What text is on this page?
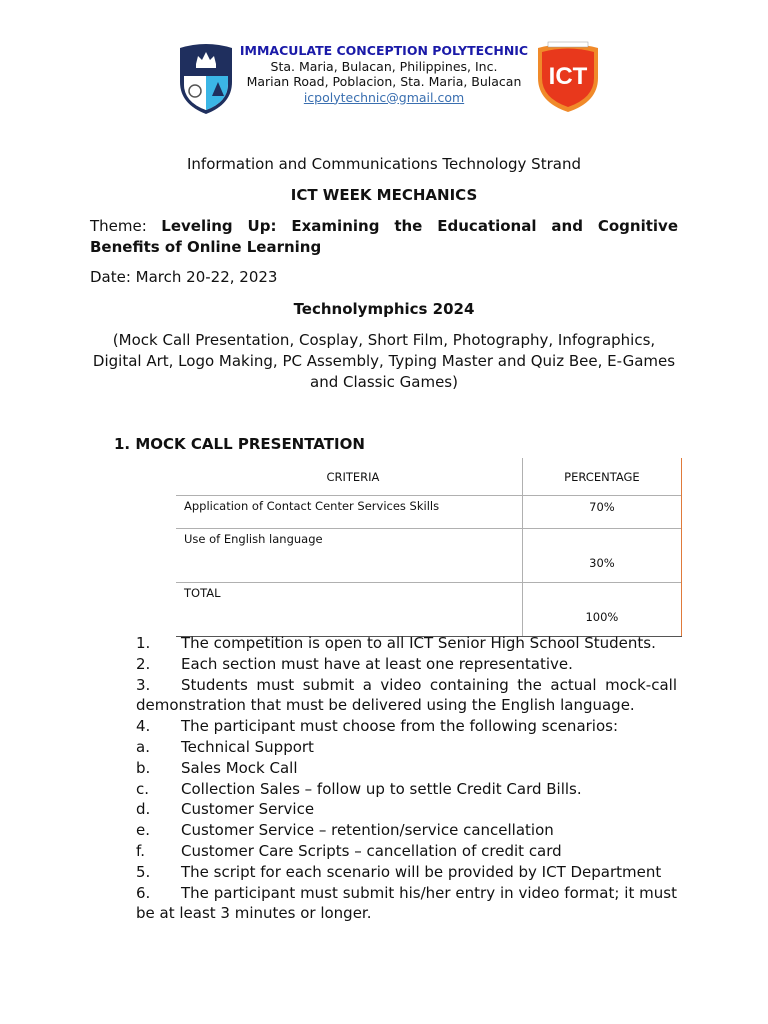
IMMACULATE CONCEPTION POLYTECHNIC
Sta. Maria, Bulacan, Philippines, Inc.
Marian Road, Poblacion, Sta. Maria, Bulacan
icpolytechnic@gmail.com
ICT
Information and Communications Technology Strand
ICT WEEK MECHANICS
Theme: Leveling Up: Examining the Educational and Cognitive Benefits of Online Learning
Date: March 20-22, 2023
Technolymphics 2024
(Mock Call Presentation, Cosplay, Short Film, Photography, Infographics, Digital Art, Logo Making, PC Assembly, Typing Master and Quiz Bee, E-Games and Classic Games)
1. MOCK CALL PRESENTATION
CRITERIA	PERCENTAGE
Application of Contact Center Services Skills	70%
Use of English language	30%
TOTAL	100%
1.	The competition is open to all ICT Senior High School Students.
2.	Each section must have at least one representative.
3. Students must submit a video containing the actual mock-call demonstration that must be delivered using the English language.
4.	The participant must choose from the following scenarios:
a.	Technical Support
b.	Sales Mock Call
c.	Collection Sales – follow up to settle Credit Card Bills.
d.	Customer Service
e.	Customer Service – retention/service cancellation
f.	Customer Care Scripts – cancellation of credit card
5.	The script for each scenario will be provided by ICT Department
6. The participant must submit his/her entry in video format; it must be at least 3 minutes or longer.
